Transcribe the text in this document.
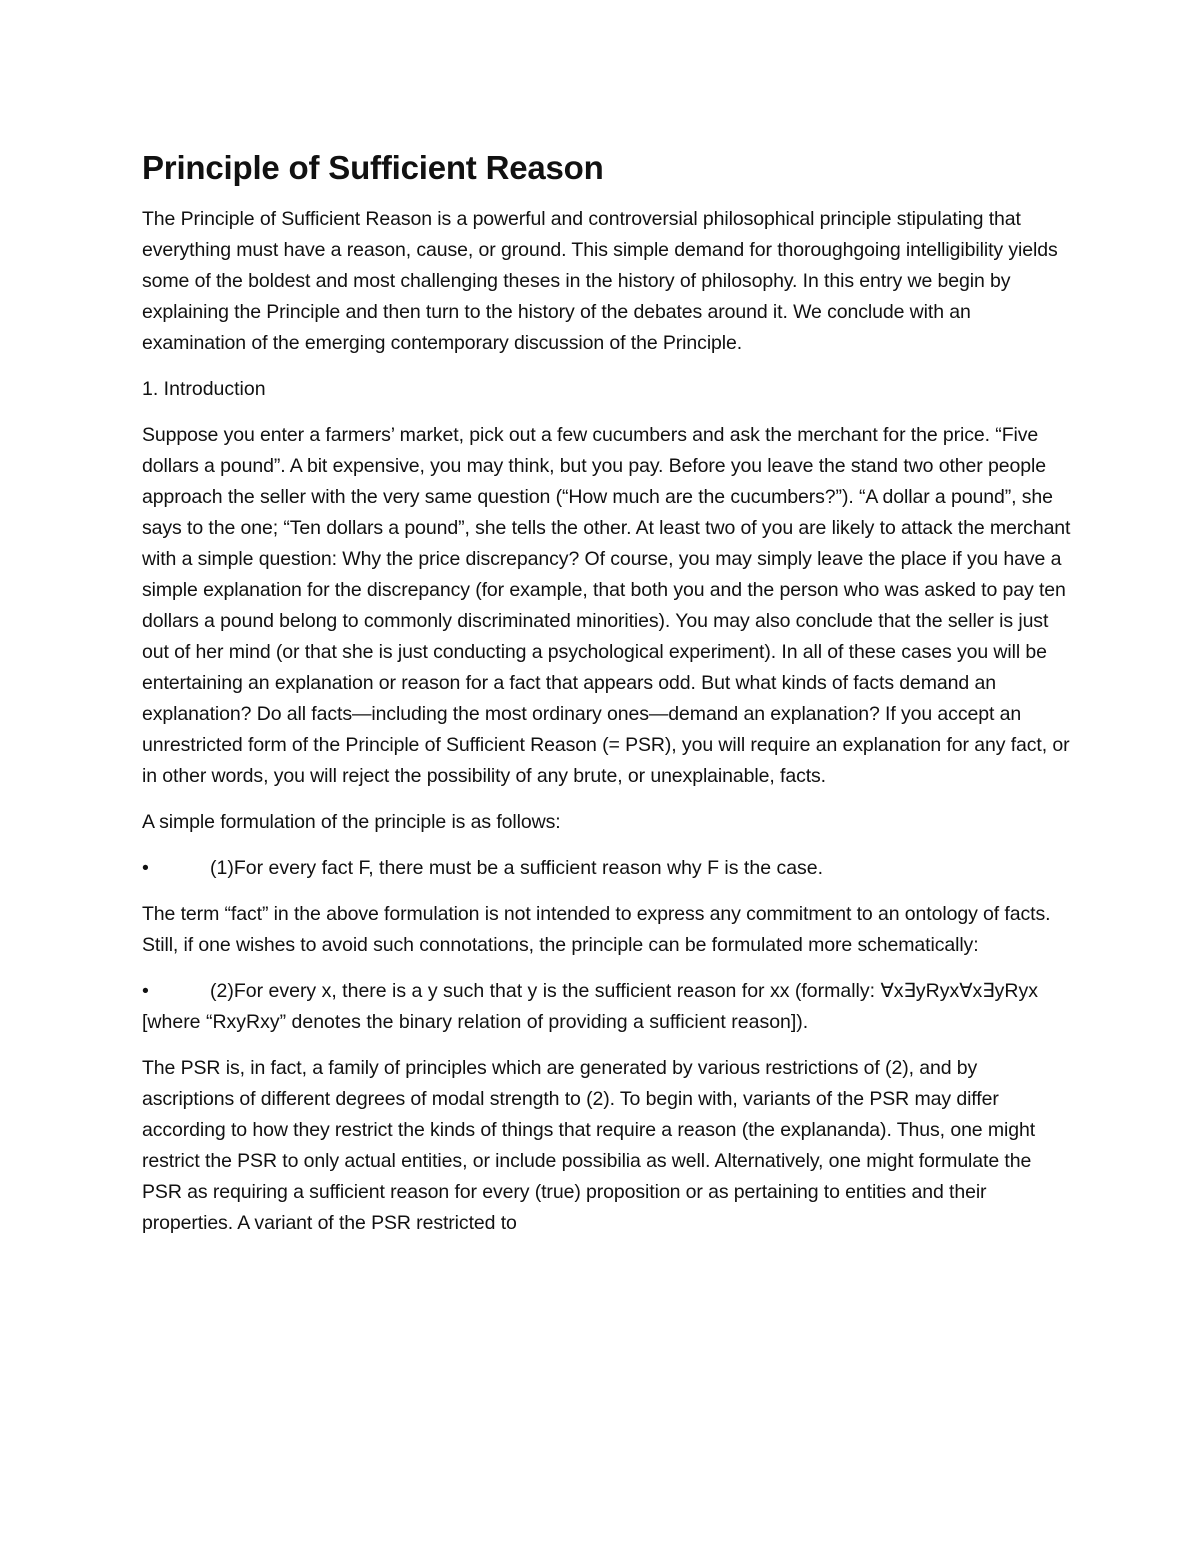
Principle of Sufficient Reason

The Principle of Sufficient Reason is a powerful and controversial philosophical principle stipulating that everything must have a reason, cause, or ground. This simple demand for thoroughgoing intelligibility yields some of the boldest and most challenging theses in the history of philosophy. In this entry we begin by explaining the Principle and then turn to the history of the debates around it. We conclude with an examination of the emerging contemporary discussion of the Principle.

1. Introduction

Suppose you enter a farmers’ market, pick out a few cucumbers and ask the merchant for the price. “Five dollars a pound”. A bit expensive, you may think, but you pay. Before you leave the stand two other people approach the seller with the very same question (“How much are the cucumbers?”). “A dollar a pound”, she says to the one; “Ten dollars a pound”, she tells the other. At least two of you are likely to attack the merchant with a simple question: Why the price discrepancy? Of course, you may simply leave the place if you have a simple explanation for the discrepancy (for example, that both you and the person who was asked to pay ten dollars a pound belong to commonly discriminated minorities). You may also conclude that the seller is just out of her mind (or that she is just conducting a psychological experiment). In all of these cases you will be entertaining an explanation or reason for a fact that appears odd. But what kinds of facts demand an explanation? Do all facts—including the most ordinary ones—demand an explanation? If you accept an unrestricted form of the Principle of Sufficient Reason (= PSR), you will require an explanation for any fact, or in other words, you will reject the possibility of any brute, or unexplainable, facts.

A simple formulation of the principle is as follows:

•	(1)For every fact F, there must be a sufficient reason why F is the case.

The term “fact” in the above formulation is not intended to express any commitment to an ontology of facts. Still, if one wishes to avoid such connotations, the principle can be formulated more schematically:

•	(2)For every x, there is a y such that y is the sufficient reason for xx (formally: ∀x∃yRyx∀x∃yRyx [where “RxyRxy” denotes the binary relation of providing a sufficient reason]).

The PSR is, in fact, a family of principles which are generated by various restrictions of (2), and by ascriptions of different degrees of modal strength to (2). To begin with, variants of the PSR may differ according to how they restrict the kinds of things that require a reason (the explananda). Thus, one might restrict the PSR to only actual entities, or include possibilia as well. Alternatively, one might formulate the PSR as requiring a sufficient reason for every (true) proposition or as pertaining to entities and their properties. A variant of the PSR restricted to
